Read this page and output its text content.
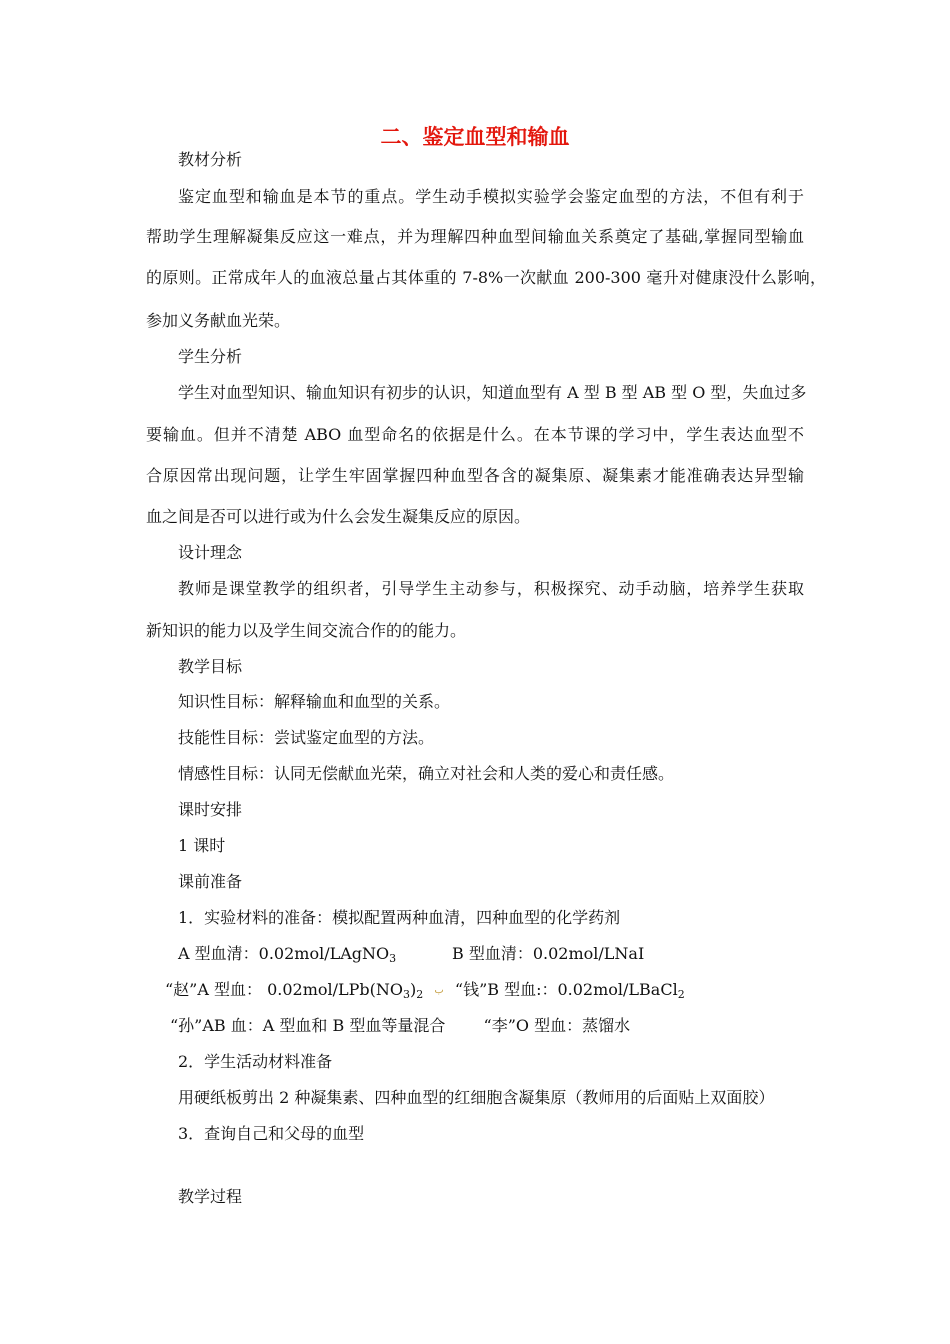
二、鉴定血型和输血
教材分析
鉴定血型和输血是本节的重点。学生动手模拟实验学会鉴定血型的方法，不但有利于
帮助学生理解凝集反应这一难点，并为理解四种血型间输血关系奠定了基础,掌握同型输血
的原则。正常成年人的血液总量占其体重的 7-8%一次献血 200-300 毫升对健康没什么影响，
参加义务献血光荣。
学生分析
学生对血型知识、输血知识有初步的认识，知道血型有 A 型 B 型 AB 型 O 型，失血过多
要输血。但并不清楚 ABO 血型命名的依据是什么。在本节课的学习中，学生表达血型不
合原因常出现问题，让学生牢固掌握四种血型各含的凝集原、凝集素才能准确表达异型输
血之间是否可以进行或为什么会发生凝集反应的原因。
设计理念
教师是课堂教学的组织者，引导学生主动参与，积极探究、动手动脑，培养学生获取
新知识的能力以及学生间交流合作的的能力。
教学目标
知识性目标：解释输血和血型的关系。
技能性目标：尝试鉴定血型的方法。
情感性目标：认同无偿献血光荣，确立对社会和人类的爱心和责任感。
课时安排
1 课时
课前准备
1．实验材料的准备：模拟配置两种血清，四种血型的化学药剂
A 型血清：0.02mol/LAgNO$_3$	B 型血清：0.02mol/LNaI
“赵”A 型血： $0.02mol/LPb(NO_3)_2$ ب “钱”B 型血:：0.02mol/LBaCl$_2$
“孙”AB 血：A 型血和 B 型血等量混合 “李”O 型血：蒸馏水
2．学生活动材料准备
用硬纸板剪出 2 种凝集素、四种血型的红细胞含凝集原（教师用的后面贴上双面胶）
3．查询自己和父母的血型
教学过程
